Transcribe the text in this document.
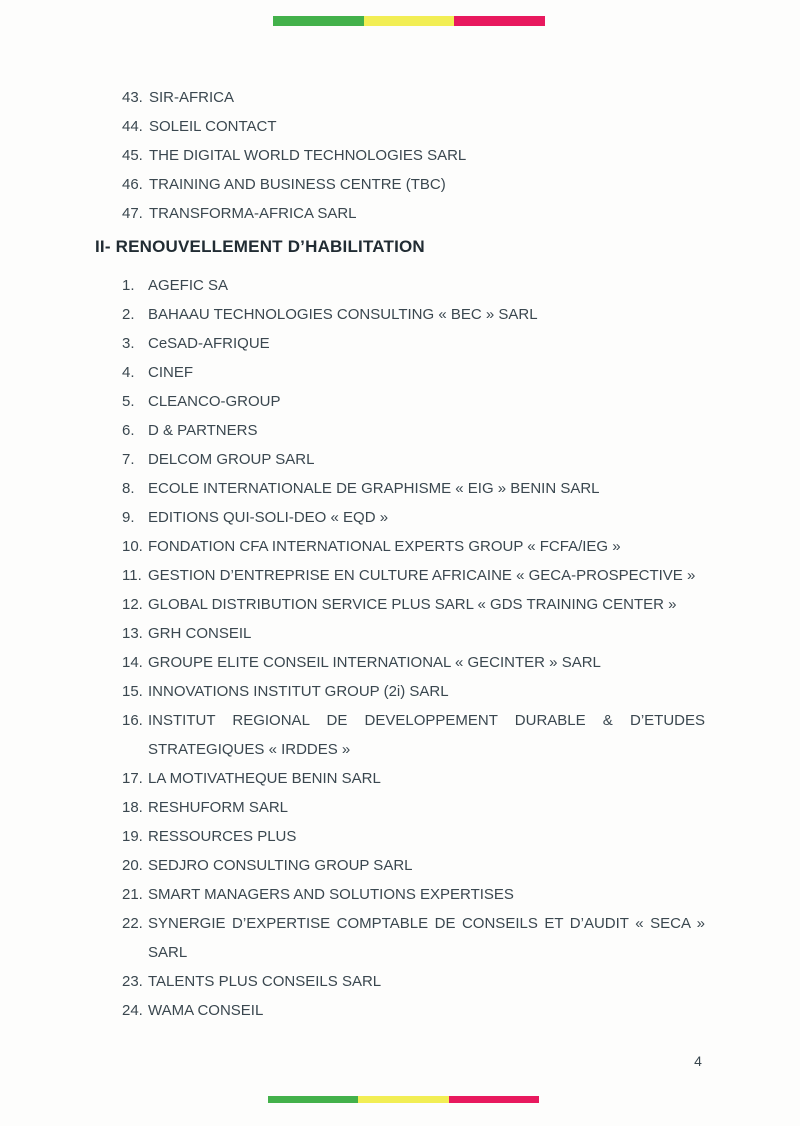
43. SIR-AFRICA
44. SOLEIL CONTACT
45. THE DIGITAL WORLD TECHNOLOGIES SARL
46. TRAINING AND BUSINESS CENTRE (TBC)
47. TRANSFORMA-AFRICA SARL
II- RENOUVELLEMENT D’HABILITATION
1. AGEFIC SA
2. BAHAAU TECHNOLOGIES CONSULTING « BEC » SARL
3. CeSAD-AFRIQUE
4. CINEF
5. CLEANCO-GROUP
6. D & PARTNERS
7. DELCOM GROUP SARL
8. ECOLE INTERNATIONALE DE GRAPHISME « EIG » BENIN SARL
9. EDITIONS QUI-SOLI-DEO « EQD »
10. FONDATION CFA INTERNATIONAL EXPERTS GROUP « FCFA/IEG »
11. GESTION D’ENTREPRISE EN CULTURE AFRICAINE « GECA-PROSPECTIVE »
12. GLOBAL DISTRIBUTION SERVICE PLUS SARL « GDS TRAINING CENTER »
13. GRH CONSEIL
14. GROUPE ELITE CONSEIL INTERNATIONAL « GECINTER » SARL
15. INNOVATIONS INSTITUT GROUP (2i) SARL
16. INSTITUT REGIONAL DE DEVELOPPEMENT DURABLE & D’ETUDES
STRATEGIQUES « IRDDES »
17. LA MOTIVATHEQUE BENIN SARL
18. RESHUFORM SARL
19. RESSOURCES PLUS
20. SEDJRO CONSULTING GROUP SARL
21. SMART MANAGERS AND SOLUTIONS EXPERTISES
22. SYNERGIE D’EXPERTISE COMPTABLE DE CONSEILS ET D’AUDIT « SECA »
SARL
23. TALENTS PLUS CONSEILS SARL
24. WAMA CONSEIL
4
